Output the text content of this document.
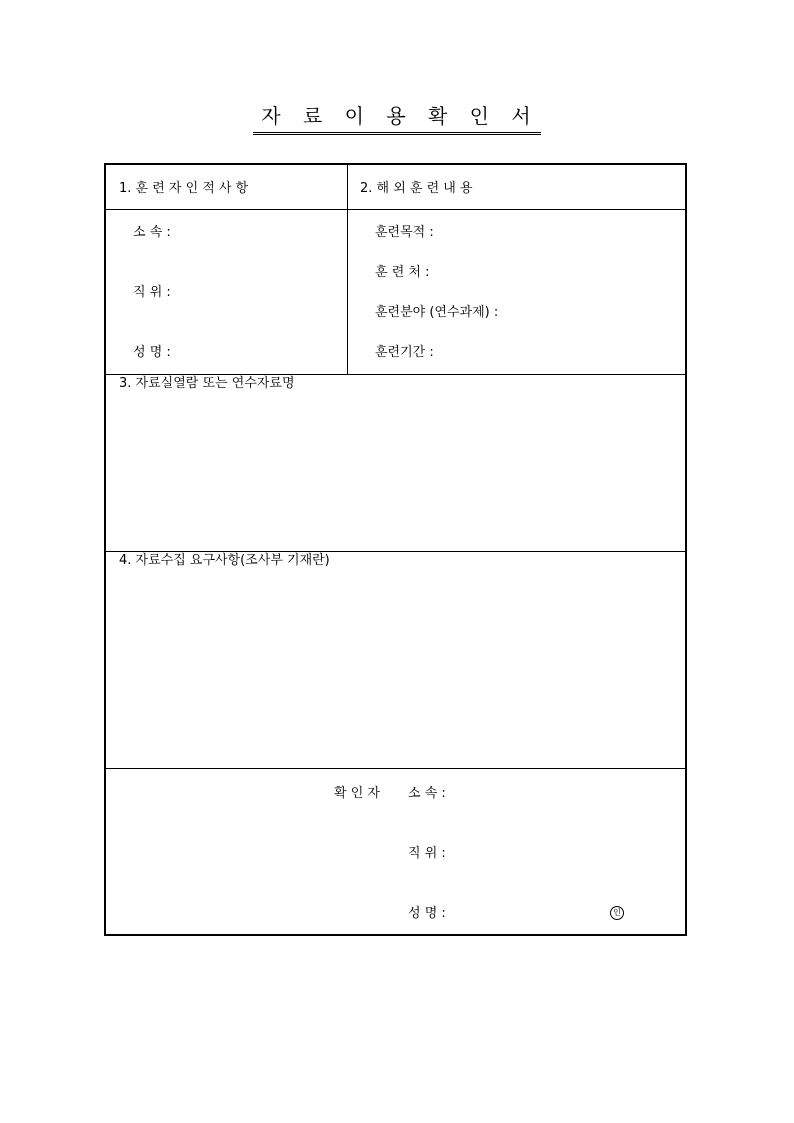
자 료 이 용 확 인 서
1. 훈 련 자 인 적 사 항
소 속 :
직 위 :
성 명 :
2. 해 외 훈 련 내 용
훈련목적 :
훈 련 처 :
훈련분야 (연수과제) :
훈련기간 :
3. 자료실열람 또는 연수자료명
4. 자료수집 요구사항(조사부 기재란)
확 인 자 소 속 :
직 위 :
성 명 :	인
